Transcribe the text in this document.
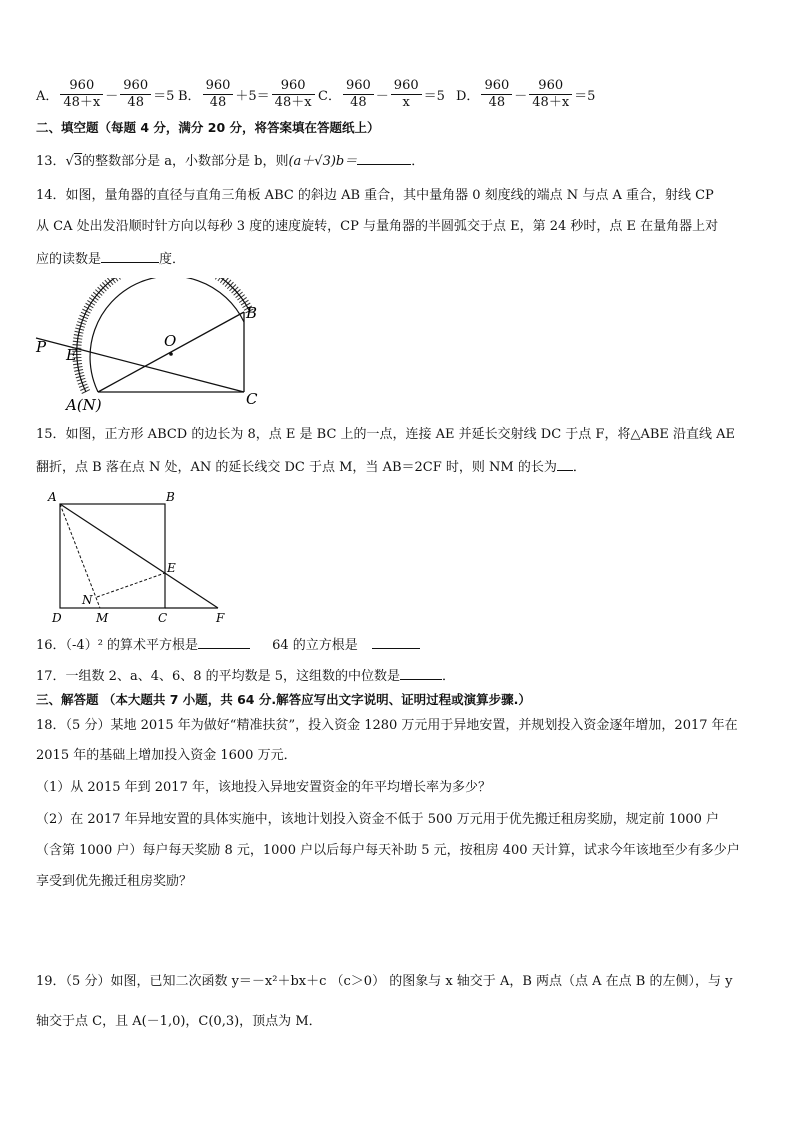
A． $\frac{960}{48+x} - \frac{960}{48} =5$ B． $\frac{960}{48} +5= \frac{960}{48+x}$ C． $\frac{960}{48} - \frac{960}{x} =5$ D． $\frac{960}{48} - \frac{960}{48+x} =5$
二、填空题（每题 4 分，满分 20 分，将答案填在答题纸上）
13．√3的整数部分是 a，小数部分是 b，则(a＋√3)b＝	．
14．如图，量角器的直径与直角三角板 ABC 的斜边 AB 重合，其中量角器 0 刻度线的端点 N 与点 A 重合，射线 CP
从 CA 处出发沿顺时针方向以每秒 3 度的速度旋转，CP 与量角器的半圆弧交于点 E，第 24 秒时，点 E 在量角器上对
应的读数是	度．
P E
O
B
A(N)	C
15．如图，正方形 ABCD 的边长为 8，点 E 是 BC 上的一点，连接 AE 并延长交射线 DC 于点 F，将△ABE 沿直线 AE
翻折，点 B 落在点 N 处，AN 的延长线交 DC 于点 M，当 AB＝2CF 时，则 NM 的长为 ．
A	B
E
N
M
D	C	F
16．（-4）² 的算术平方根是	64 的立方根是
17．一组数 2、a、4、6、8 的平均数是 5，这组数的中位数是	．
三、解答题 （本大题共 7 小题，共 64 分.解答应写出文字说明、证明过程或演算步骤.）
18．（5 分）某地 2015 年为做好“精准扶贫”，投入资金 1280 万元用于异地安置，并规划投入资金逐年增加，2017 年在
2015 年的基础上增加投入资金 1600 万元．
（1）从 2015 年到 2017 年，该地投入异地安置资金的年平均增长率为多少？
（2）在 2017 年异地安置的具体实施中，该地计划投入资金不低于 500 万元用于优先搬迁租房奖励，规定前 1000 户
（含第 1000 户）每户每天奖励 8 元，1000 户以后每户每天补助 5 元，按租房 400 天计算，试求今年该地至少有多少户
享受到优先搬迁租房奖励？
19．（5 分）如图，已知二次函数 y＝－x²＋bx＋c （c＞0） 的图象与 x 轴交于 A，B 两点（点 A 在点 B 的左侧），与 y
轴交于点 C，且 A(－1,0)，C(0,3)，顶点为 M．
